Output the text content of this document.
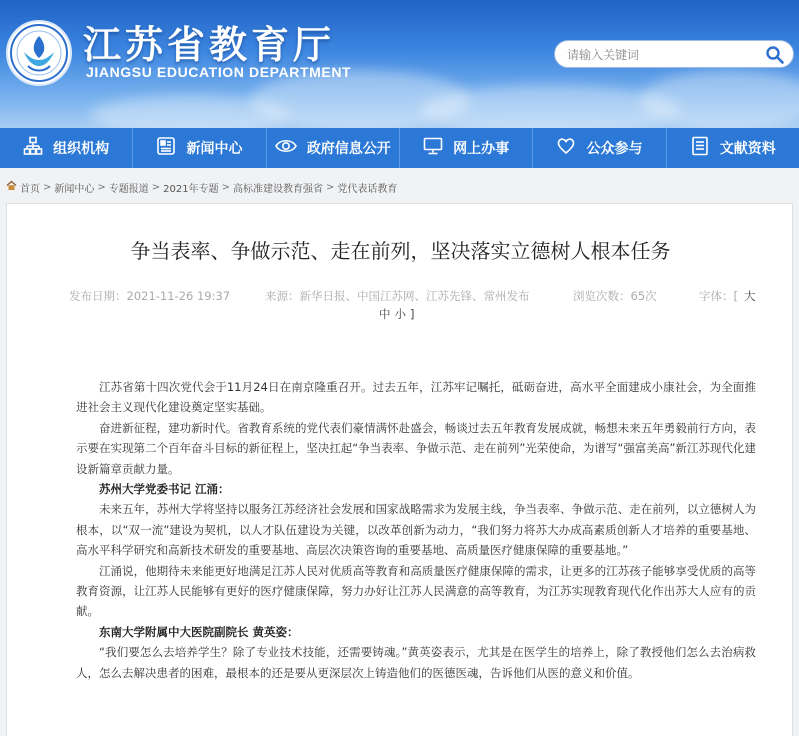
江苏省教育厅
JIANGSU EDUCATION DEPARTMENT
请输入关键词
组织机构	新闻中心	政府信息公开	网上办事	公众参与	文献资料
首页 > 新闻中心 > 专题报道 > 2021年专题 > 高标准建设教育强省 > 党代表话教育
争当表率、争做示范、走在前列，坚决落实立德树人根本任务
发布日期：2021-11-26 19:37	来源：新华日报、中国江苏网、江苏先锋、常州发布	浏览次数：65次	字体：[ 大
中 小 ]

江苏省第十四次党代会于11月24日在南京隆重召开。过去五年，江苏牢记嘱托，砥砺奋进，高水平全面建成小康社会，为全面推进社会主义现代化建设奠定坚实基础。

奋进新征程，建功新时代。省教育系统的党代表们豪情满怀赴盛会，畅谈过去五年教育发展成就，畅想未来五年勇毅前行方向，表示要在实现第二个百年奋斗目标的新征程上，坚决扛起“争当表率、争做示范、走在前列”光荣使命，为谱写“强富美高”新江苏现代化建设新篇章贡献力量。

苏州大学党委书记 江涌：

未来五年，苏州大学将坚持以服务江苏经济社会发展和国家战略需求为发展主线，争当表率、争做示范、走在前列，以立德树人为根本，以“双一流”建设为契机，以人才队伍建设为关键，以改革创新为动力，“我们努力将苏大办成高素质创新人才培养的重要基地、高水平科学研究和高新技术研发的重要基地、高层次决策咨询的重要基地、高质量医疗健康保障的重要基地。”

江涌说，他期待未来能更好地满足江苏人民对优质高等教育和高质量医疗健康保障的需求，让更多的江苏孩子能够享受优质的高等教育资源，让江苏人民能够有更好的医疗健康保障，努力办好让江苏人民满意的高等教育，为江苏实现教育现代化作出苏大人应有的贡献。

东南大学附属中大医院副院长 黄英姿：

“我们要怎么去培养学生？除了专业技术技能，还需要铸魂。”黄英姿表示，尤其是在医学生的培养上，除了教授他们怎么去治病救人，怎么去解决患者的困难，最根本的还是要从更深层次上铸造他们的医德医魂，告诉他们从医的意义和价值。
